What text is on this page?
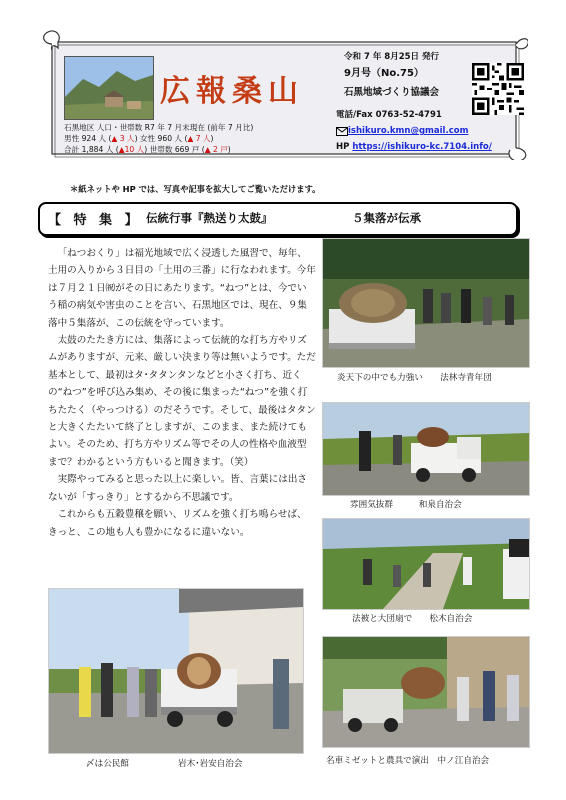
広報桑山
石黒地区 人口・世帯数 R7 年 7 月末現在 (前年 7 月比)
男性 924 人 (▲ 3 人) 女性 960 人 (▲ 7 人)
合計 1,884 人 (▲10 人) 世帯数 669 戸 (▲ 2 戸)
令和 7 年 8月25日 発行
9月号（No.75）
石黒地域づくり協議会
電話/Fax 0763-52-4791
ishikuro.kmn@gmail.com
HP https://ishikuro-kc.7104.info/
＊紙ネットや HP では、写真や記事を拡大してご覧いただけます。
【 特 集 】 伝統行事『熱送り太鼓』	５集落が伝承

「ねつおくり」は福光地域で広く浸透した風習で、毎年、土用の入りから３日目の「土用の三番」に行なわれます。今年は７月２１日㈷がその日にあたります。“ねつ”とは、今でいう稲の病気や害虫のことを言い、石黒地区では、現在、９集落中５集落が、この伝統を守っています。

太鼓のたたき方には、集落によって伝統的な打ち方やリズムがありますが、元来、厳しい決まり等は無いようです。ただ基本として、最初はタ･タタンタンなどと小さく打ち、近くの“ねつ”を呼び込み集め、その後に集まった“ねつ”を強く打ちたたく（やっつける）のだそうです。そして、最後はタタンと大きくたたいて終了としますが、このまま、また続けてもよい。そのため、打ち方やリズム等でその人の性格や血液型まで？わかるという方もいると聞きます。（笑）

実際やってみると思った以上に楽しい。皆、言葉には出さないが「すっきり」とするから不思議です。

これからも五穀豊穣を願い、リズムを強く打ち鳴らせば、きっと、この地も人も豊かになるに違いない。

炎天下の中でも力強い　　法林寺青年団
雰囲気抜群　　　和泉自治会
法被と大団扇で　　松木自治会
〆は公民館	岩木･岩安自治会	名車ミゼットと農具で演出　中ノ江自治会
